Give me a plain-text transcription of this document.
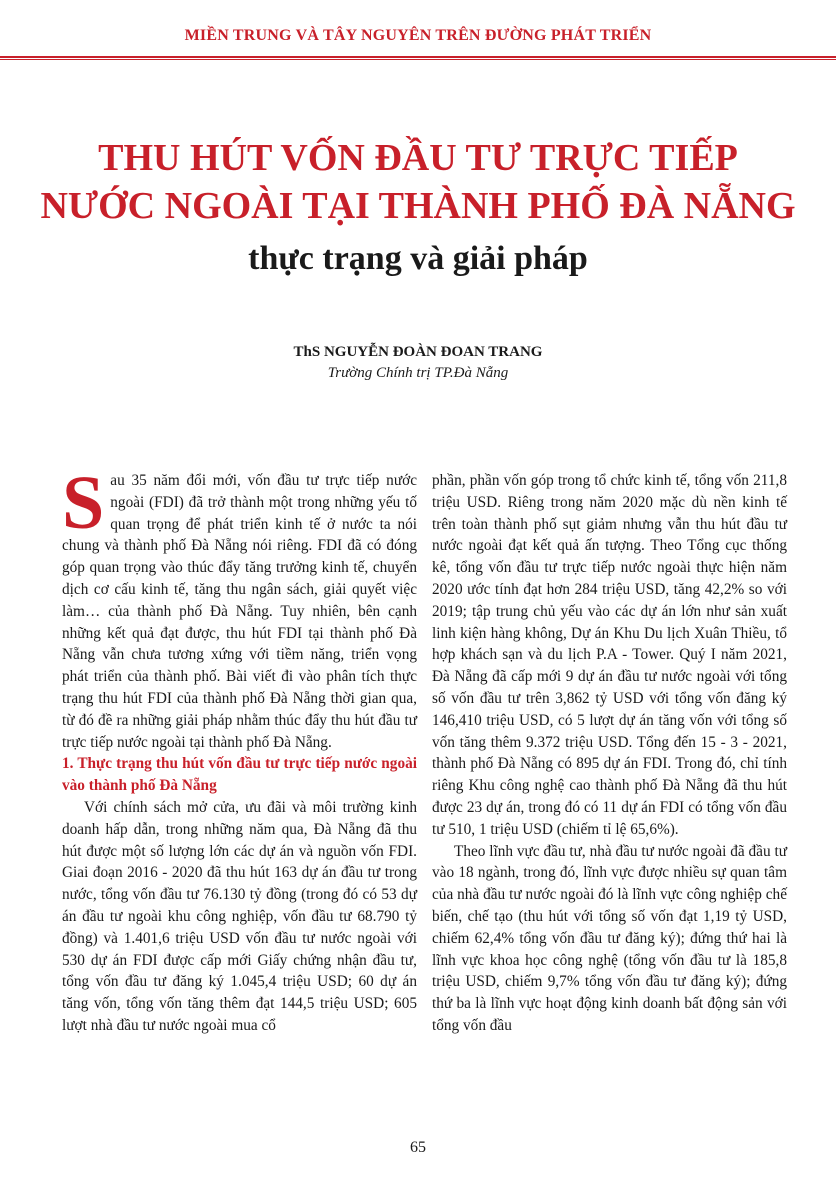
MIỀN TRUNG VÀ TÂY NGUYÊN TRÊN ĐƯỜNG PHÁT TRIỂN
THU HÚT VỐN ĐẦU TƯ TRỰC TIẾP
NƯỚC NGOÀI TẠI THÀNH PHỐ ĐÀ NẴNG
thực trạng và giải pháp
ThS NGUYỄN ĐOÀN ĐOAN TRANG
Trường Chính trị TP.Đà Nẵng

Sau 35 năm đổi mới, vốn đầu tư trực tiếp nước ngoài (FDI) đã trở thành một trong những yếu tố quan trọng để phát triển kinh tế ở nước ta nói chung và thành phố Đà Nẵng nói riêng. FDI đã có đóng góp quan trọng vào thúc đẩy tăng trưởng kinh tế, chuyển dịch cơ cấu kinh tế, tăng thu ngân sách, giải quyết việc làm… của thành phố Đà Nẵng. Tuy nhiên, bên cạnh những kết quả đạt được, thu hút FDI tại thành phố Đà Nẵng vẫn chưa tương xứng với tiềm năng, triển vọng phát triển của thành phố. Bài viết đi vào phân tích thực trạng thu hút FDI của thành phố Đà Nẵng thời gian qua, từ đó đề ra những giải pháp nhằm thúc đẩy thu hút đầu tư trực tiếp nước ngoài tại thành phố Đà Nẵng.

1. Thực trạng thu hút vốn đầu tư trực tiếp nước ngoài vào thành phố Đà Nẵng

Với chính sách mở cửa, ưu đãi và môi trường kinh doanh hấp dẫn, trong những năm qua, Đà Nẵng đã thu hút được một số lượng lớn các dự án và nguồn vốn FDI. Giai đoạn 2016 - 2020 đã thu hút 163 dự án đầu tư trong nước, tổng vốn đầu tư 76.130 tỷ đồng (trong đó có 53 dự án đầu tư ngoài khu công nghiệp, vốn đầu tư 68.790 tỷ đồng) và 1.401,6 triệu USD vốn đầu tư nước ngoài với 530 dự án FDI được cấp mới Giấy chứng nhận đầu tư, tổng vốn đầu tư đăng ký 1.045,4 triệu USD; 60 dự án tăng vốn, tổng vốn tăng thêm đạt 144,5 triệu USD; 605 lượt nhà đầu tư nước ngoài mua cổ

phần, phần vốn góp trong tổ chức kinh tế, tổng vốn 211,8 triệu USD. Riêng trong năm 2020 mặc dù nền kinh tế trên toàn thành phố sụt giảm nhưng vẫn thu hút đầu tư nước ngoài đạt kết quả ấn tượng. Theo Tổng cục thống kê, tổng vốn đầu tư trực tiếp nước ngoài thực hiện năm 2020 ước tính đạt hơn 284 triệu USD, tăng 42,2% so với 2019; tập trung chủ yếu vào các dự án lớn như sản xuất linh kiện hàng không, Dự án Khu Du lịch Xuân Thiều, tổ hợp khách sạn và du lịch P.A - Tower. Quý I năm 2021, Đà Nẵng đã cấp mới 9 dự án đầu tư nước ngoài với tổng số vốn đầu tư trên 3,862 tỷ USD với tổng vốn đăng ký 146,410 triệu USD, có 5 lượt dự án tăng vốn với tổng số vốn tăng thêm 9.372 triệu USD. Tổng đến 15 - 3 - 2021, thành phố Đà Nẵng có 895 dự án FDI. Trong đó, chỉ tính riêng Khu công nghệ cao thành phố Đà Nẵng đã thu hút được 23 dự án, trong đó có 11 dự án FDI có tổng vốn đầu tư 510, 1 triệu USD (chiếm tỉ lệ 65,6%).

Theo lĩnh vực đầu tư, nhà đầu tư nước ngoài đã đầu tư vào 18 ngành, trong đó, lĩnh vực được nhiều sự quan tâm của nhà đầu tư nước ngoài đó là lĩnh vực công nghiệp chế biến, chế tạo (thu hút với tổng số vốn đạt 1,19 tỷ USD, chiếm 62,4% tổng vốn đầu tư đăng ký); đứng thứ hai là lĩnh vực khoa học công nghệ (tổng vốn đầu tư là 185,8 triệu USD, chiếm 9,7% tổng vốn đầu tư đăng ký); đứng thứ ba là lĩnh vực hoạt động kinh doanh bất động sản với tổng vốn đầu

65
